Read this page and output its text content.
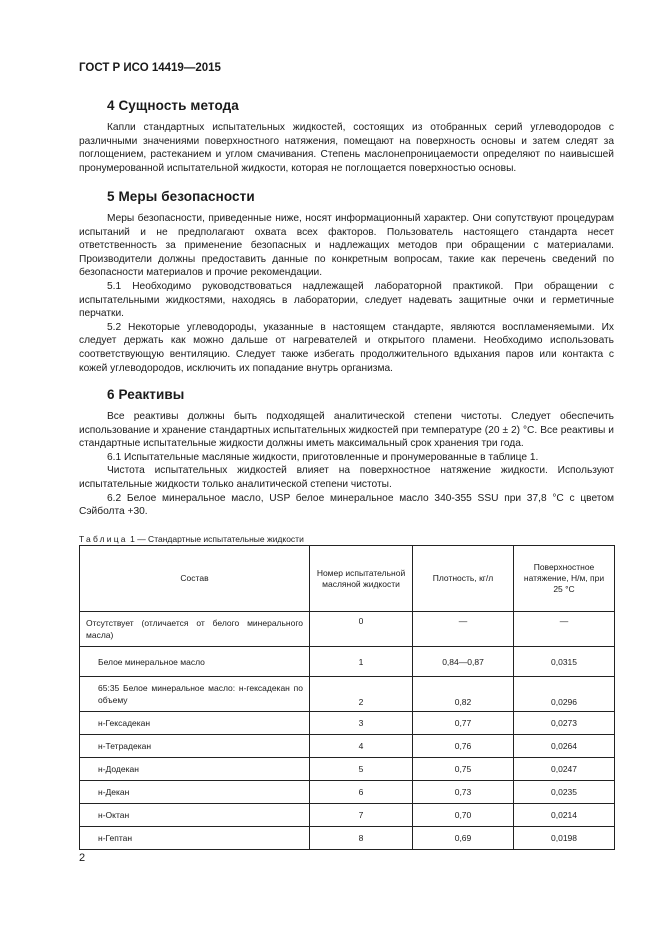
ГОСТ Р ИСО 14419—2015
4 Сущность метода

Капли стандартных испытательных жидкостей, состоящих из отобранных серий углеводородов с различными значениями поверхностного натяжения, помещают на поверхность основы и затем следят за поглощением, растеканием и углом смачивания. Степень маслонепроницаемости определяют по наивысшей пронумерованной испытательной жидкости, которая не поглощается поверхностью основы.

5 Меры безопасности

Меры безопасности, приведенные ниже, носят информационный характер. Они сопутствуют процедурам испытаний и не предполагают охвата всех факторов. Пользователь настоящего стандарта несет ответственность за применение безопасных и надлежащих методов при обращении с материалами. Производители должны предоставить данные по конкретным вопросам, такие как перечень сведений по безопасности материалов и прочие рекомендации.

5.1 Необходимо руководствоваться надлежащей лабораторной практикой. При обращении с испытательными жидкостями, находясь в лаборатории, следует надевать защитные очки и герметичные перчатки.

5.2 Некоторые углеводороды, указанные в настоящем стандарте, являются воспламеняемыми. Их следует держать как можно дальше от нагревателей и открытого пламени. Необходимо использовать соответствующую вентиляцию. Следует также избегать продолжительного вдыхания паров или контакта с кожей углеводородов, исключить их попадание внутрь организма.

6 Реактивы

Все реактивы должны быть подходящей аналитической степени чистоты. Следует обеспечить использование и хранение стандартных испытательных жидкостей при температуре (20 ± 2) °С. Все реактивы и стандартные испытательные жидкости должны иметь максимальный срок хранения три года.

6.1 Испытательные масляные жидкости, приготовленные и пронумерованные в таблице 1.

Чистота испытательных жидкостей влияет на поверхностное натяжение жидкости. Используют испытательные жидкости только аналитической степени чистоты.

6.2 Белое минеральное масло, USP белое минеральное масло 340-355 SSU при 37,8 °С с цветом Сэйболта +30.

Таблица 1 — Стандартные испытательные жидкости
Состав	Номер испытательной масляной жидкости	Плотность, кг/л	Поверхностное натяжение, Н/м, при 25 °С

Отсутствует (отличается от белого минерального масла)	0	—	—
Белое минеральное масло	1	0,84—0,87	0,0315

65:35 Белое минеральное масло: н-гексадекан по объему	2	0,82	0,0296
н-Гексадекан	3	0,77	0,0273
н-Тетрадекан	4	0,76	0,0264
н-Додекан	5	0,75	0,0247
н-Декан	6	0,73	0,0235
н-Октан	7	0,70	0,0214
н-Гептан	8	0,69	0,0198
2
